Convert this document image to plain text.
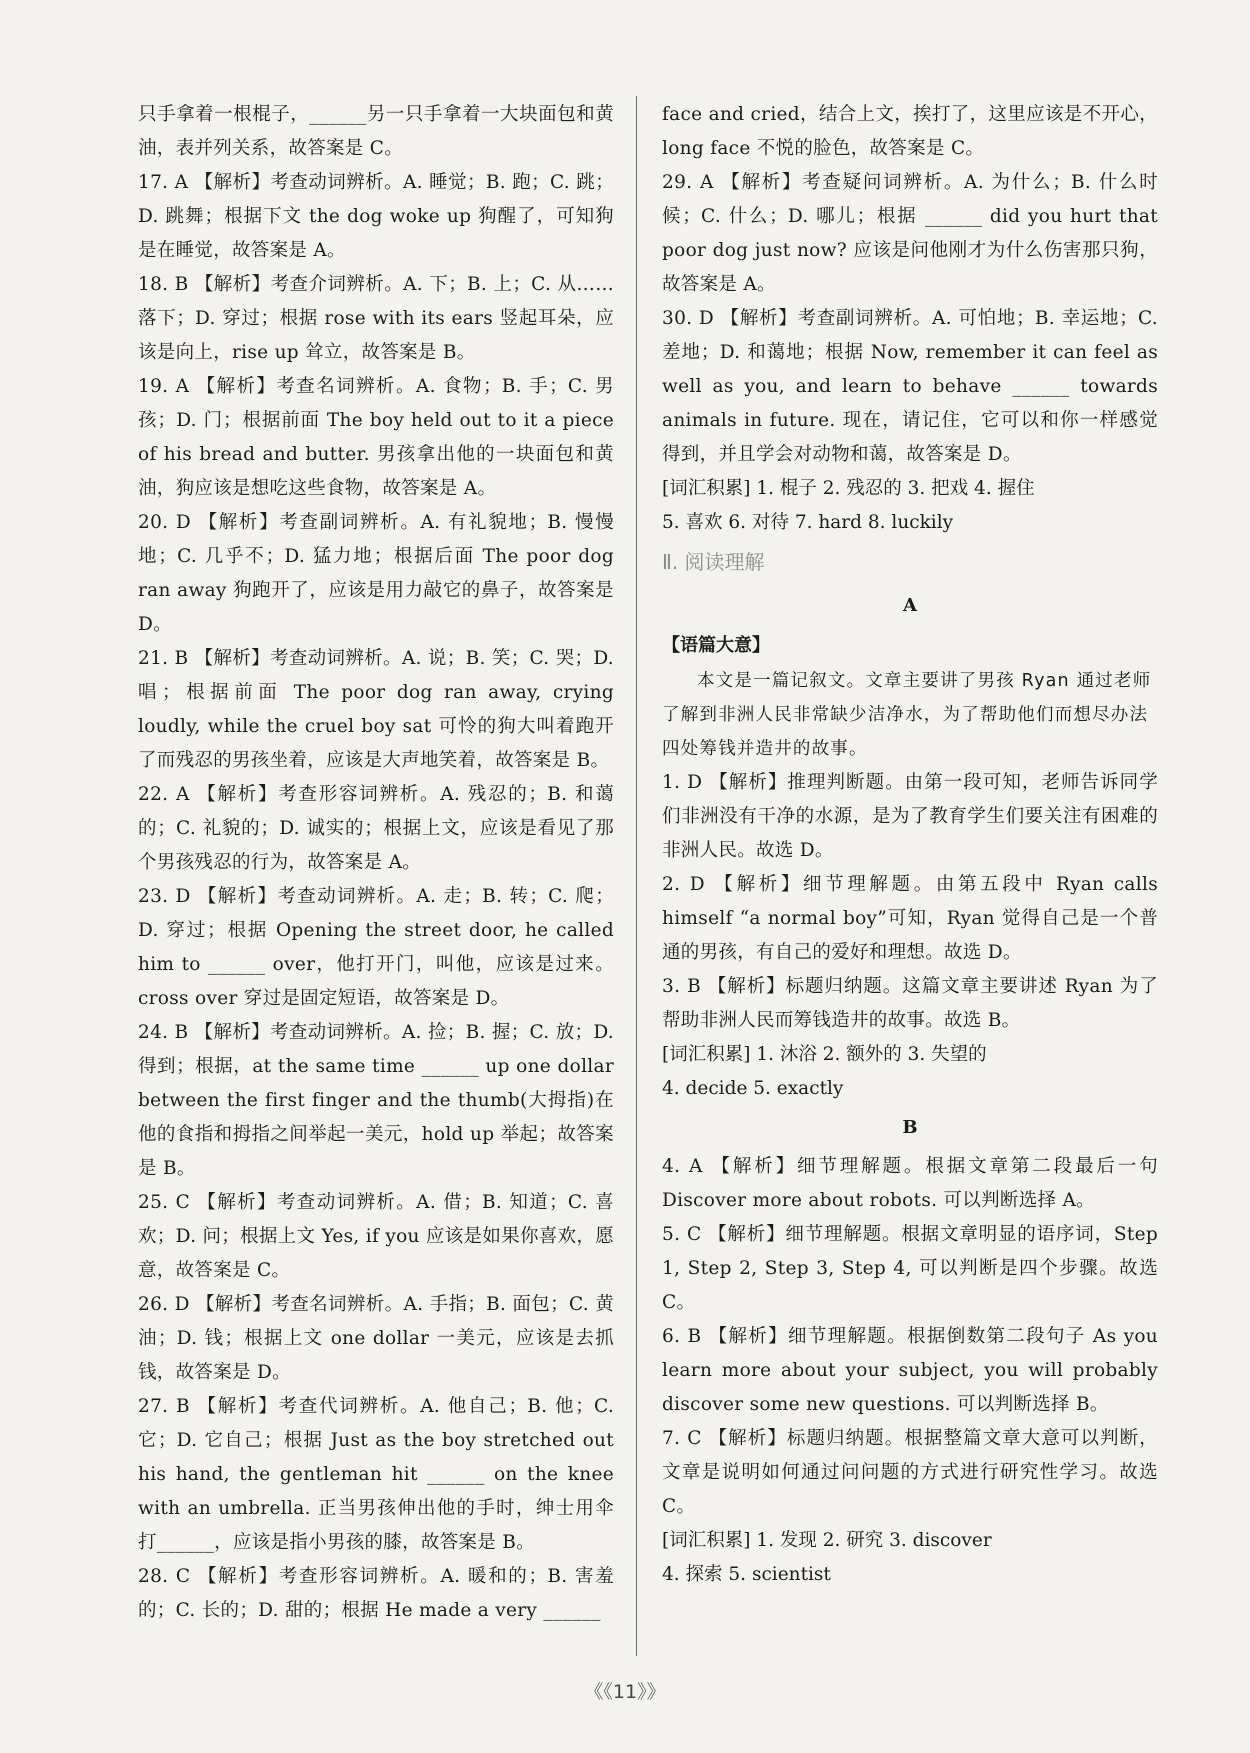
只手拿着一根棍子，______另一只手拿着一大块面包和黄油，表并列关系，故答案是 C。

17. A 【解析】考查动词辨析。A. 睡觉；B. 跑；C. 跳；D. 跳舞；根据下文 the dog woke up 狗醒了，可知狗是在睡觉，故答案是 A。

18. B 【解析】考查介词辨析。A. 下；B. 上；C. 从……落下；D. 穿过；根据 rose with its ears 竖起耳朵，应该是向上，rise up 耸立，故答案是 B。

19. A 【解析】考查名词辨析。A. 食物；B. 手；C. 男孩；D. 门；根据前面 The boy held out to it a piece of his bread and butter. 男孩拿出他的一块面包和黄油，狗应该是想吃这些食物，故答案是 A。

20. D 【解析】考查副词辨析。A. 有礼貌地；B. 慢慢地；C. 几乎不；D. 猛力地；根据后面 The poor dog ran away 狗跑开了，应该是用力敲它的鼻子，故答案是 D。

21. B 【解析】考查动词辨析。A. 说；B. 笑；C. 哭；D. 唱；根据前面 The poor dog ran away, crying loudly, while the cruel boy sat 可怜的狗大叫着跑开了而残忍的男孩坐着，应该是大声地笑着，故答案是 B。

22. A 【解析】考查形容词辨析。A. 残忍的；B. 和蔼的；C. 礼貌的；D. 诚实的；根据上文，应该是看见了那个男孩残忍的行为，故答案是 A。

23. D 【解析】考查动词辨析。A. 走；B. 转；C. 爬；D. 穿过；根据 Opening the street door, he called him to ______ over，他打开门，叫他，应该是过来。cross over 穿过是固定短语，故答案是 D。

24. B 【解析】考查动词辨析。A. 捡；B. 握；C. 放；D. 得到；根据，at the same time ______ up one dollar between the first finger and the thumb(大拇指)在他的食指和拇指之间举起一美元，hold up 举起；故答案是 B。

25. C 【解析】考查动词辨析。A. 借；B. 知道；C. 喜欢；D. 问；根据上文 Yes, if you 应该是如果你喜欢，愿意，故答案是 C。

26. D 【解析】考查名词辨析。A. 手指；B. 面包；C. 黄油；D. 钱；根据上文 one dollar 一美元，应该是去抓钱，故答案是 D。

27. B 【解析】考查代词辨析。A. 他自己；B. 他；C. 它；D. 它自己；根据 Just as the boy stretched out his hand, the gentleman hit ______ on the knee with an umbrella. 正当男孩伸出他的手时，绅士用伞打______，应该是指小男孩的膝，故答案是 B。

28. C 【解析】考查形容词辨析。A. 暖和的；B. 害羞的；C. 长的；D. 甜的；根据 He made a very ______

face and cried，结合上文，挨打了，这里应该是不开心，long face 不悦的脸色，故答案是 C。

29. A 【解析】考查疑问词辨析。A. 为什么；B. 什么时候；C. 什么；D. 哪儿；根据 ______ did you hurt that poor dog just now? 应该是问他刚才为什么伤害那只狗，故答案是 A。

30. D 【解析】考查副词辨析。A. 可怕地；B. 幸运地；C. 差地；D. 和蔼地；根据 Now, remember it can feel as well as you, and learn to behave ______ towards animals in future. 现在，请记住，它可以和你一样感觉得到，并且学会对动物和蔼，故答案是 D。

[词汇积累] 1. 棍子 2. 残忍的 3. 把戏 4. 握住

5. 喜欢 6. 对待 7. hard 8. luckily

Ⅱ. 阅读理解
A
【语篇大意】

本文是一篇记叙文。文章主要讲了男孩 Ryan 通过老师了解到非洲人民非常缺少洁净水，为了帮助他们而想尽办法四处筹钱并造井的故事。

1. D 【解析】推理判断题。由第一段可知，老师告诉同学们非洲没有干净的水源，是为了教育学生们要关注有困难的非洲人民。故选 D。

2. D 【解析】细节理解题。由第五段中 Ryan calls himself “a normal boy”可知，Ryan 觉得自己是一个普通的男孩，有自己的爱好和理想。故选 D。

3. B 【解析】标题归纳题。这篇文章主要讲述 Ryan 为了帮助非洲人民而筹钱造井的故事。故选 B。

[词汇积累] 1. 沐浴 2. 额外的 3. 失望的

4. decide 5. exactly

B

4. A 【解析】细节理解题。根据文章第二段最后一句 Discover more about robots. 可以判断选择 A。

5. C 【解析】细节理解题。根据文章明显的语序词，Step 1, Step 2, Step 3, Step 4, 可以判断是四个步骤。故选 C。

6. B 【解析】细节理解题。根据倒数第二段句子 As you learn more about your subject, you will probably discover some new questions. 可以判断选择 B。

7. C 【解析】标题归纳题。根据整篇文章大意可以判断，文章是说明如何通过问问题的方式进行研究性学习。故选 C。

[词汇积累] 1. 发现 2. 研究 3. discover

4. 探索 5. scientist

《《11》》
